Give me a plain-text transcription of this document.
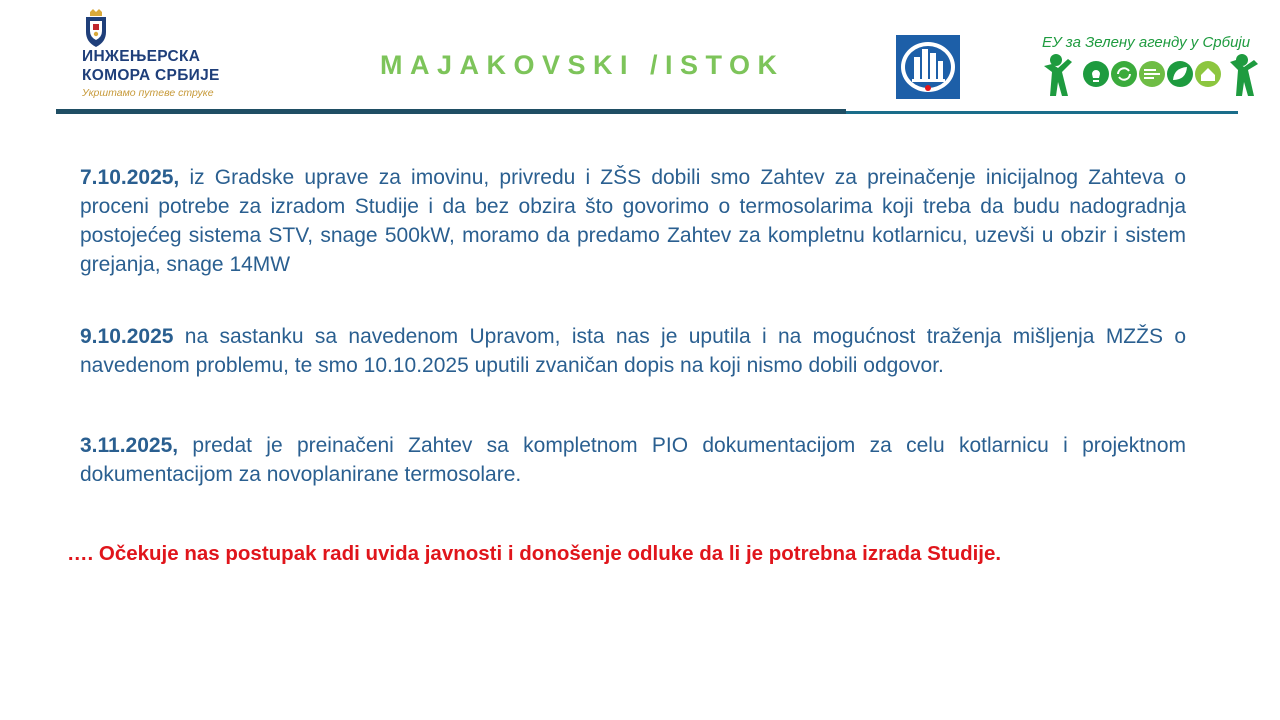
ИНЖЕЊЕРСКА
КОМОРА СРБИЈЕ
Укрштамо путеве струке
MAJAKOVSKI /ISTOK
ЕУ за Зелену агенду у Србији
7.10.2025, iz Gradske uprave za imovinu, privredu i ZŠS dobili smo Zahtev za preinačenje inicijalnog Zahteva o proceni potrebe za izradom Studije i da bez obzira što govorimo o termosolarima koji treba da budu nadogradnja postojećeg sistema STV, snage 500kW, moramo da predamo Zahtev za kompletnu kotlarnicu, uzevši u obzir i sistem grejanja, snage 14MW
9.10.2025 na sastanku sa navedenom Upravom, ista nas je uputila i na mogućnost traženja mišljenja MZŽS o navedenom problemu, te smo 10.10.2025 uputili zvaničan dopis na koji nismo dobili odgovor.
3.11.2025, predat je preinačeni Zahtev sa kompletnom PIO dokumentacijom za celu kotlarnicu i projektnom dokumentacijom za novoplanirane termosolare.
…. Očekuje nas postupak radi uvida javnosti i donošenje odluke da li je potrebna izrada Studije.
